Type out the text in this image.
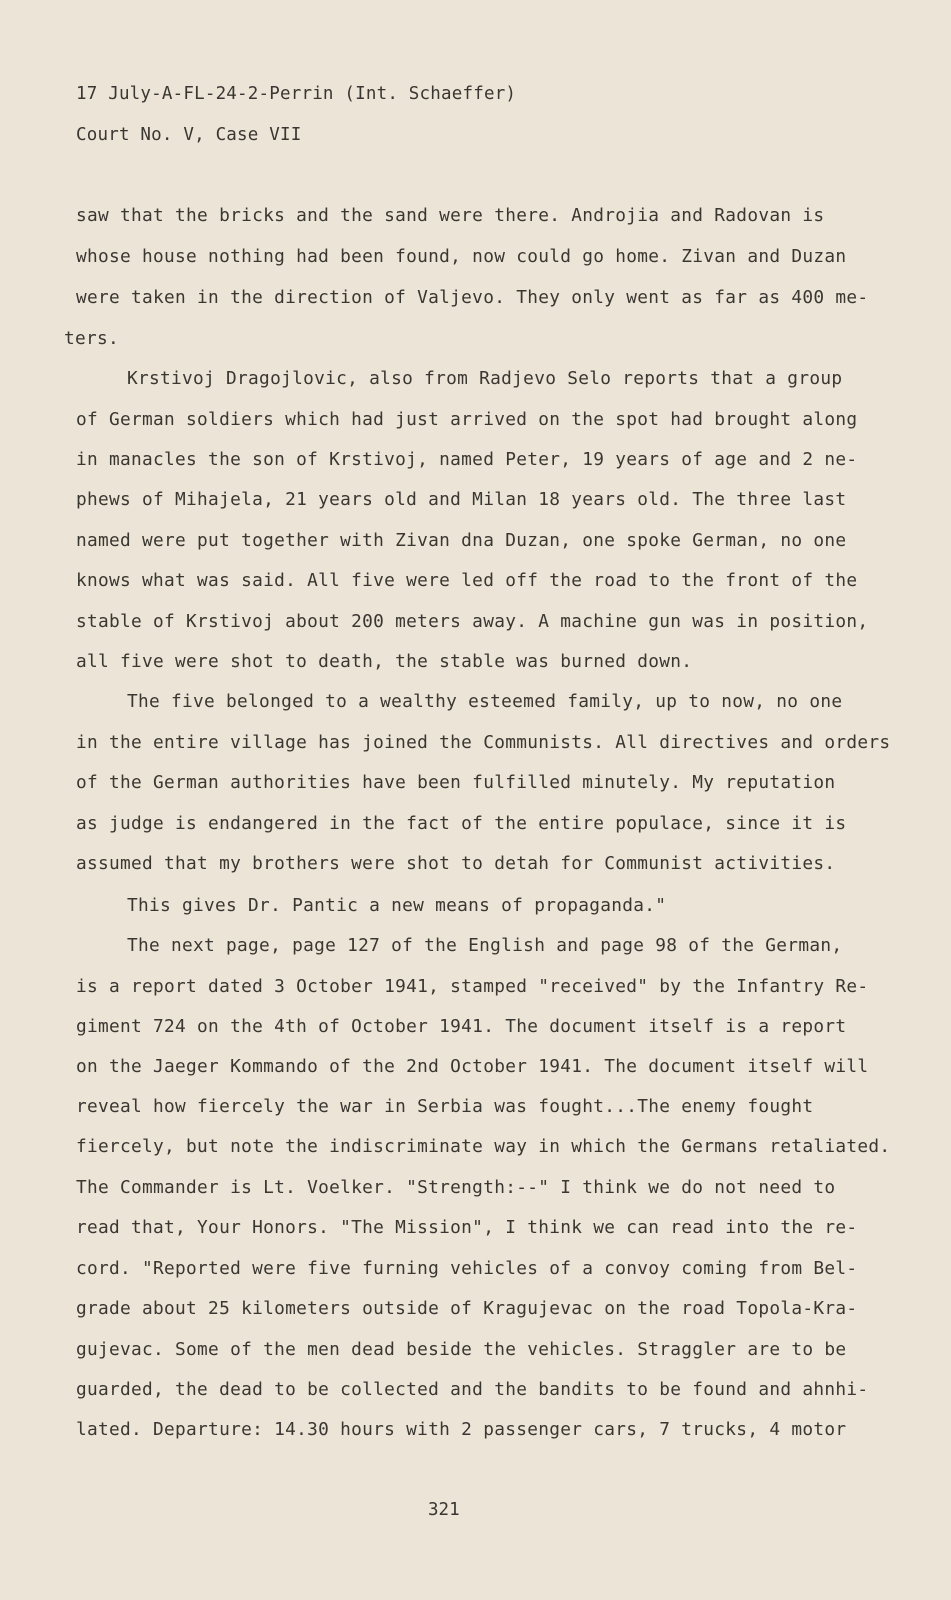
17 July-A-FL-24-2-Perrin (Int. Schaeffer)
Court No. V, Case VII
saw that the bricks and the sand were there. Androjia and Radovan is
whose house nothing had been found, now could go home. Zivan and Duzan
were taken in the direction of Valjevo. They only went as far as 400 me-
ters.
Krstivoj Dragojlovic, also from Radjevo Selo reports that a group
of German soldiers which had just arrived on the spot had brought along
in manacles the son of Krstivoj, named Peter, 19 years of age and 2 ne-
phews of Mihajela, 21 years old and Milan 18 years old. The three last
named were put together with Zivan dna Duzan, one spoke German, no one
knows what was said. All five were led off the road to the front of the
stable of Krstivoj about 200 meters away. A machine gun was in position,
all five were shot to death, the stable was burned down.
The five belonged to a wealthy esteemed family, up to now, no one
in the entire village has joined the Communists. All directives and orders
of the German authorities have been fulfilled minutely. My reputation
as judge is endangered in the fact of the entire populace, since it is
assumed that my brothers were shot to detah for Communist activities.
This gives Dr. Pantic a new means of propaganda."
The next page, page 127 of the English and page 98 of the German,
is a report dated 3 October 1941, stamped "received" by the Infantry Re-
giment 724 on the 4th of October 1941. The document itself is a report
on the Jaeger Kommando of the 2nd October 1941. The document itself will
reveal how fiercely the war in Serbia was fought...The enemy fought
fiercely, but note the indiscriminate way in which the Germans retaliated.
The Commander is Lt. Voelker. "Strength:--" I think we do not need to
read that, Your Honors. "The Mission", I think we can read into the re-
cord. "Reported were five furning vehicles of a convoy coming from Bel-
grade about 25 kilometers outside of Kragujevac on the road Topola-Kra-
gujevac. Some of the men dead beside the vehicles. Straggler are to be
guarded, the dead to be collected and the bandits to be found and ahnhi-
lated. Departure: 14.30 hours with 2 passenger cars, 7 trucks, 4 motor
321
